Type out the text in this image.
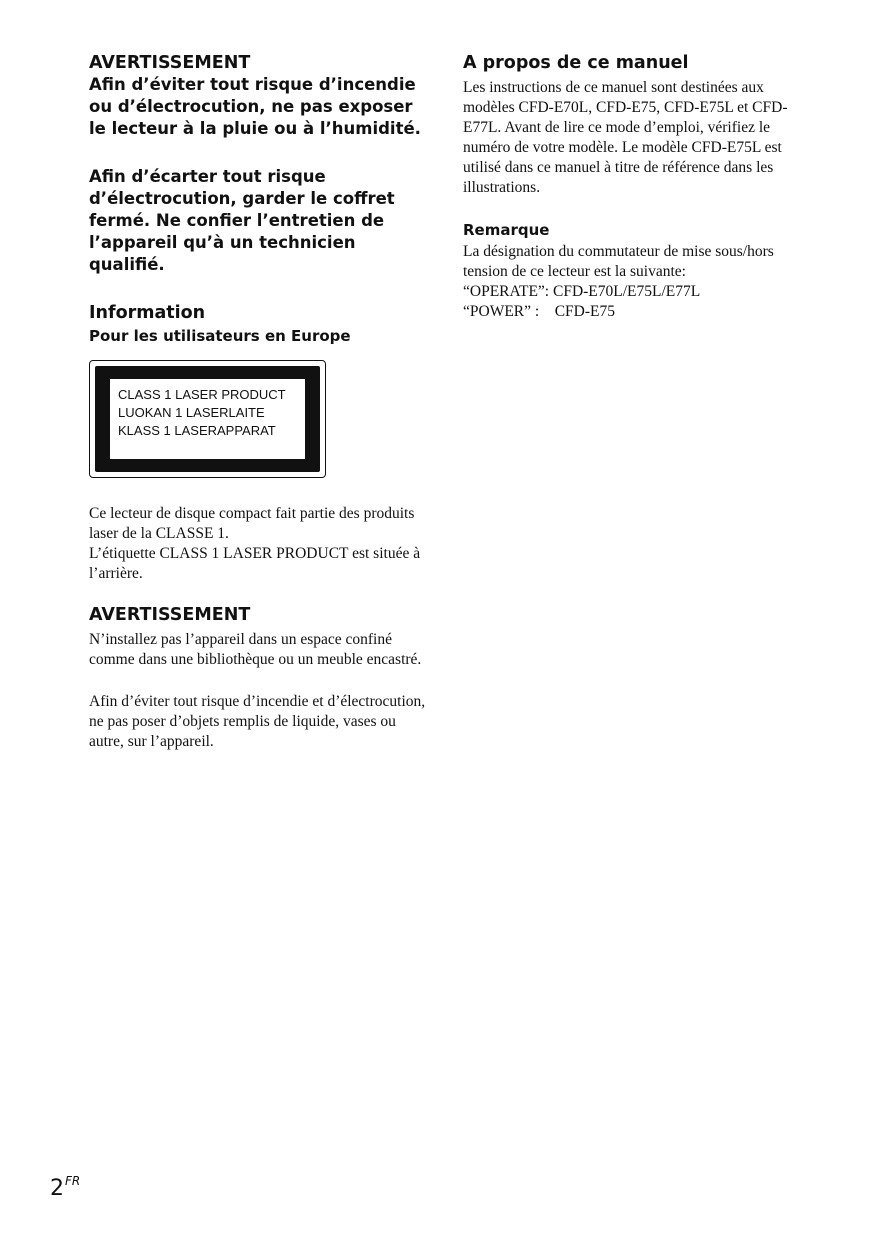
AVERTISSEMENT

Afin d’éviter tout risque d’incendie ou d’électrocution, ne pas exposer le lecteur à la pluie ou à l’humidité.

Afin d’écarter tout risque d’électrocution, garder le coffret fermé. Ne confier l’entretien de l’appareil qu’à un technicien qualifié.

Information
Pour les utilisateurs en Europe
CLASS 1 LASER PRODUCT
LUOKAN 1 LASERLAITE
KLASS 1 LASERAPPARAT

Ce lecteur de disque compact fait partie des produits laser de la CLASSE 1.

L’étiquette CLASS 1 LASER PRODUCT est située à l’arrière.

AVERTISSEMENT

N’installez pas l’appareil dans un espace confiné comme dans une bibliothèque ou un meuble encastré.

Afin d’éviter tout risque d’incendie et d’électrocution, ne pas poser d’objets remplis de liquide, vases ou autre, sur l’appareil.

A propos de ce manuel

Les instructions de ce manuel sont destinées aux modèles CFD-E70L, CFD-E75, CFD-E75L et CFD-E77L. Avant de lire ce mode d’emploi, vérifiez le numéro de votre modèle. Le modèle CFD-E75L est utilisé dans ce manuel à titre de référence dans les illustrations.

Remarque

La désignation du commutateur de mise sous/hors tension de ce lecteur est la suivante:

“OPERATE”: CFD-E70L/E75L/E77L
“POWER” : CFD-E75
$2^{FR}$
